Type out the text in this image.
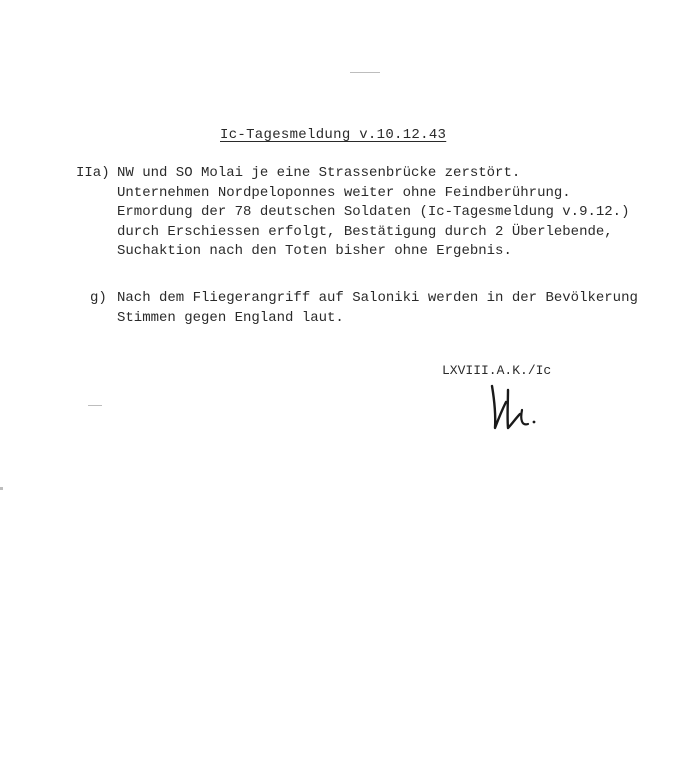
Ic-Tagesmeldung v.10.12.43
IIa) NW und SO Molai je eine Strassenbrücke zerstört.
Unternehmen Nordpeloponnes weiter ohne Feindberührung.
Ermordung der 78 deutschen Soldaten (Ic-Tagesmeldung v.9.12.)
durch Erschiessen erfolgt, Bestätigung durch 2 Überlebende,
Suchaktion nach den Toten bisher ohne Ergebnis.
g) Nach dem Fliegerangriff auf Saloniki werden in der Bevölkerung
Stimmen gegen England laut.
LXVIII.A.K./Ic
